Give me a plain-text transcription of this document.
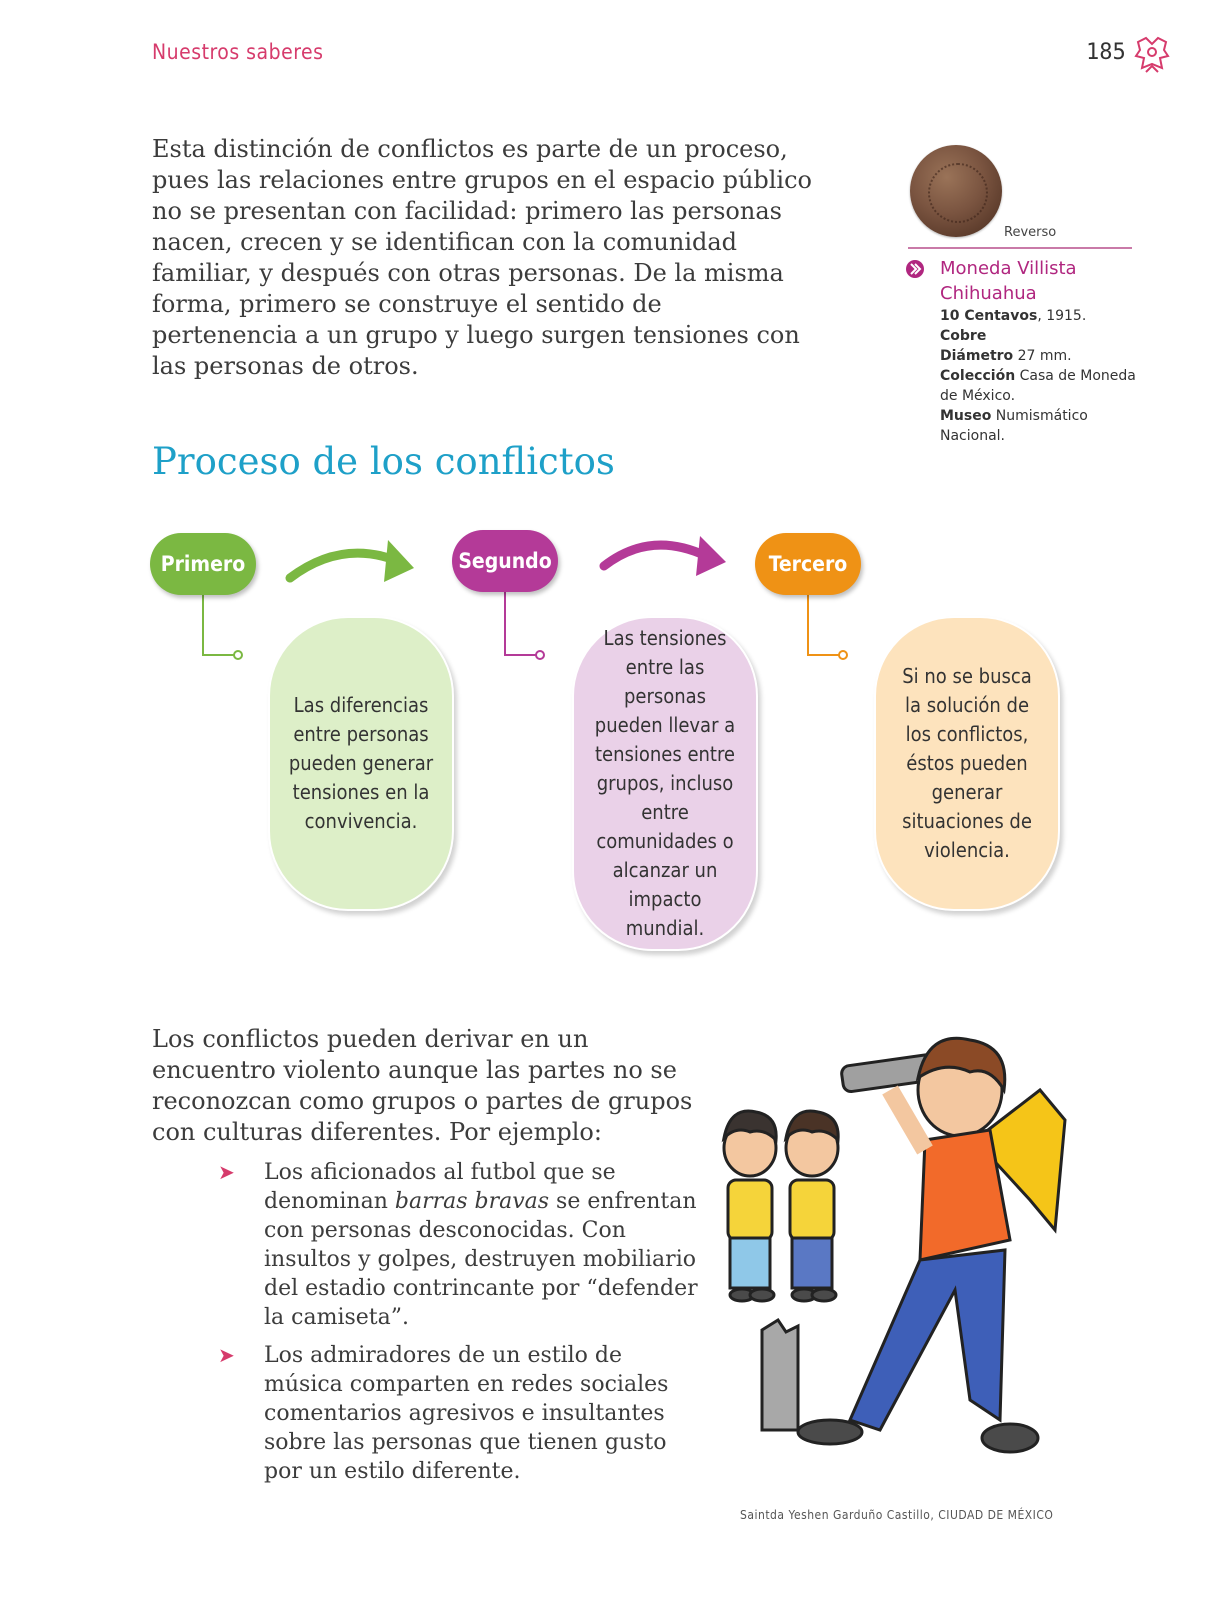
Nuestros saberes	185
Esta distinción de conflictos es parte de un proceso, pues las relaciones entre grupos en el espacio público no se presentan con facilidad: primero las personas nacen, crecen y se identifican con la comunidad familiar, y después con otras personas. De la misma forma, primero se construye el sentido de pertenencia a un grupo y luego surgen tensiones con las personas de otros.
Reverso
Moneda Villista Chihuahua
10 Centavos, 1915.
Cobre
Diámetro 27 mm.
Colección Casa de Moneda de México.
Museo Numismático Nacional.
Proceso de los conflictos
Primero	Segundo	Tercero
Las diferencias entre personas pueden generar tensiones en la convivencia.
Las tensiones entre las personas pueden llevar a tensiones entre grupos, incluso entre comunidades o alcanzar un impacto mundial.
Si no se busca la solución de los conflictos, éstos pueden generar situaciones de violencia.
Los conflictos pueden derivar en un encuentro violento aunque las partes no se reconozcan como grupos o partes de grupos con culturas diferentes. Por ejemplo:
➤ Los aficionados al futbol que se denominan barras bravas se enfrentan con personas desconocidas. Con insultos y golpes, destruyen mobiliario del estadio contrincante por “defender la camiseta”.
➤ Los admiradores de un estilo de música comparten en redes sociales comentarios agresivos e insultantes sobre las personas que tienen gusto por un estilo diferente.
Saintda Yeshen Garduño Castillo, CIUDAD DE MÉXICO
